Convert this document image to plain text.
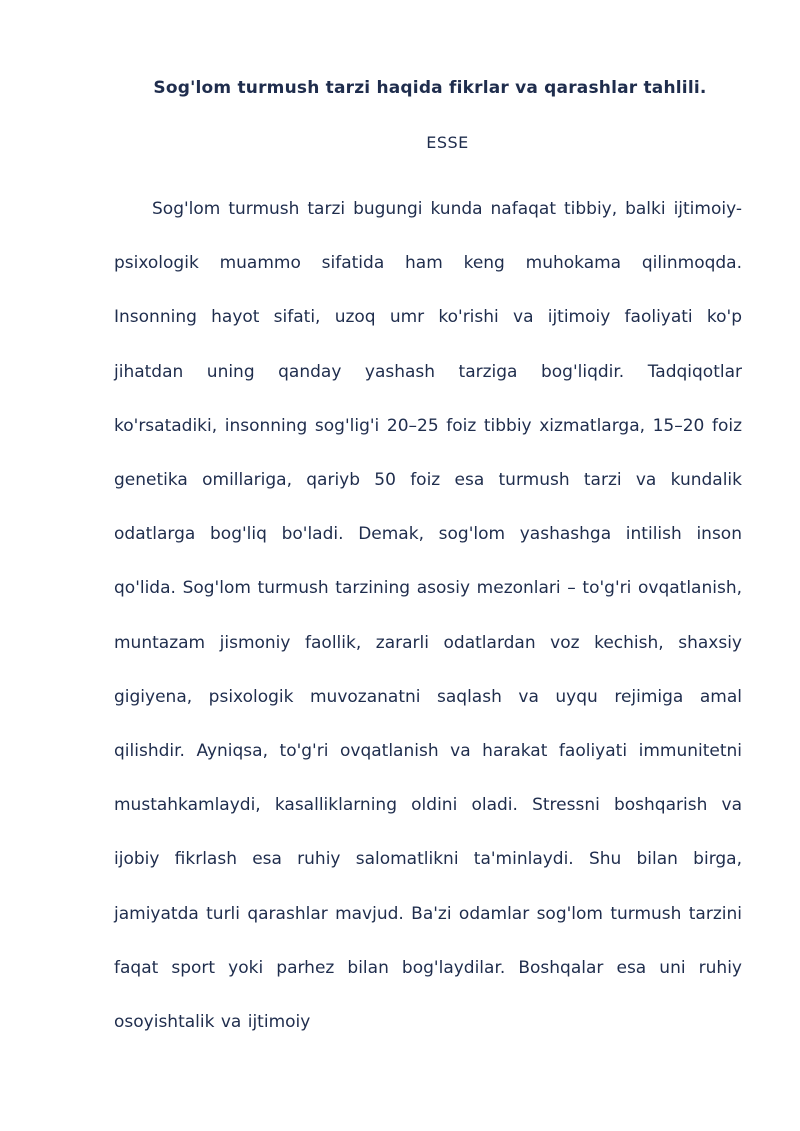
Sog'lom turmush tarzi haqida fikrlar va qarashlar tahlili.
ESSE

Sog'lom turmush tarzi bugungi kunda nafaqat tibbiy, balki ijtimoiy-psixologik muammo sifatida ham keng muhokama qilinmoqda. Insonning hayot sifati, uzoq umr ko'rishi va ijtimoiy faoliyati ko'p jihatdan uning qanday yashash tarziga bog'liqdir. Tadqiqotlar ko'rsatadiki, insonning sog'lig'i 20–25 foiz tibbiy xizmatlarga, 15–20 foiz genetika omillariga, qariyb 50 foiz esa turmush tarzi va kundalik odatlarga bog'liq bo'ladi. Demak, sog'lom yashashga intilish inson qo'lida. Sog'lom turmush tarzining asosiy mezonlari – to'g'ri ovqatlanish, muntazam jismoniy faollik, zararli odatlardan voz kechish, shaxsiy gigiyena, psixologik muvozanatni saqlash va uyqu rejimiga amal qilishdir. Ayniqsa, to'g'ri ovqatlanish va harakat faoliyati immunitetni mustahkamlaydi, kasalliklarning oldini oladi. Stressni boshqarish va ijobiy fikrlash esa ruhiy salomatlikni ta'minlaydi. Shu bilan birga, jamiyatda turli qarashlar mavjud. Ba'zi odamlar sog'lom turmush tarzini faqat sport yoki parhez bilan bog'laydilar. Boshqalar esa uni ruhiy osoyishtalik va ijtimoiy
